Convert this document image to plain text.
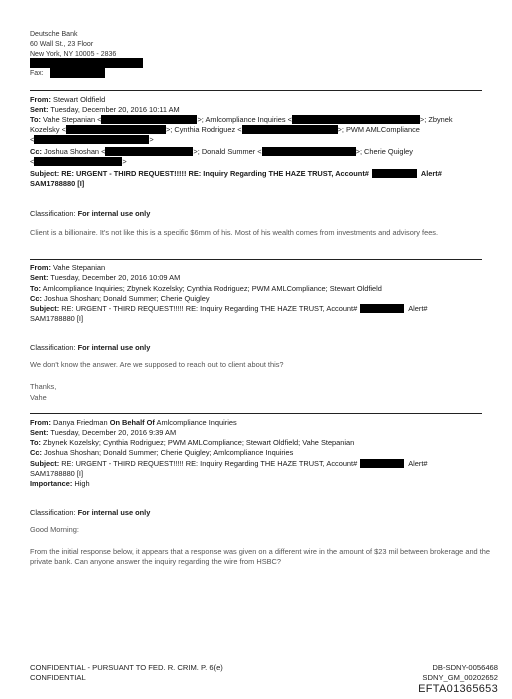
Deutsche Bank
60 Wall St., 23 Floor
New York, NY 10005 - 2836
Fax:
From: Stewart Oldfield
Sent: Tuesday, December 20, 2016 10:11 AM
To: Vahe Stepanian <	>; Amlcompliance Inquiries <	>; Zbynek
Kozelsky <	>; Cynthia Rodriguez <	>; PWM AMLCompliance
<	>
Cc: Joshua Shoshan <	>; Donald Summer <	>; Cherie Quigley
<	>
Subject: RE: URGENT - THIRD REQUEST!!!!! RE: Inquiry Regarding THE HAZE TRUST, Account#	Alert#
SAM1788880 [I]
Classification: For internal use only
Client is a billionaire. It's not like this is a specific $6mm of his. Most of his wealth comes from investments and advisory fees.
From: Vahe Stepanian
Sent: Tuesday, December 20, 2016 10:09 AM
To: Amlcompliance Inquiries; Zbynek Kozelsky; Cynthia Rodriguez; PWM AMLCompliance; Stewart Oldfield
Cc: Joshua Shoshan; Donald Summer; Cherie Quigley
Subject: RE: URGENT - THIRD REQUEST!!!!! RE: Inquiry Regarding THE HAZE TRUST, Account#	Alert#
SAM1788880 [I]
Classification: For internal use only
We don't know the answer. Are we supposed to reach out to client about this?
Thanks,
Vahe
From: Danya Friedman On Behalf Of Amlcompliance Inquiries
Sent: Tuesday, December 20, 2016 9:39 AM
To: Zbynek Kozelsky; Cynthia Rodriguez; PWM AMLCompliance; Stewart Oldfield; Vahe Stepanian
Cc: Joshua Shoshan; Donald Summer; Cherie Quigley; Amlcompliance Inquiries
Subject: RE: URGENT - THIRD REQUEST!!!!! RE: Inquiry Regarding THE HAZE TRUST, Account#	Alert#
SAM1788880 [I]
Importance: High
Classification: For internal use only
Good Morning:
From the initial response below, it appears that a response was given on a different wire in the amount of $23 mil between brokerage and the private bank. Can anyone answer the inquiry regarding the wire from HSBC?
CONFIDENTIAL - PURSUANT TO FED. R. CRIM. P. 6(e)
CONFIDENTIAL
DB-SDNY-0056468
SDNY_GM_00202652
EFTA01365653
